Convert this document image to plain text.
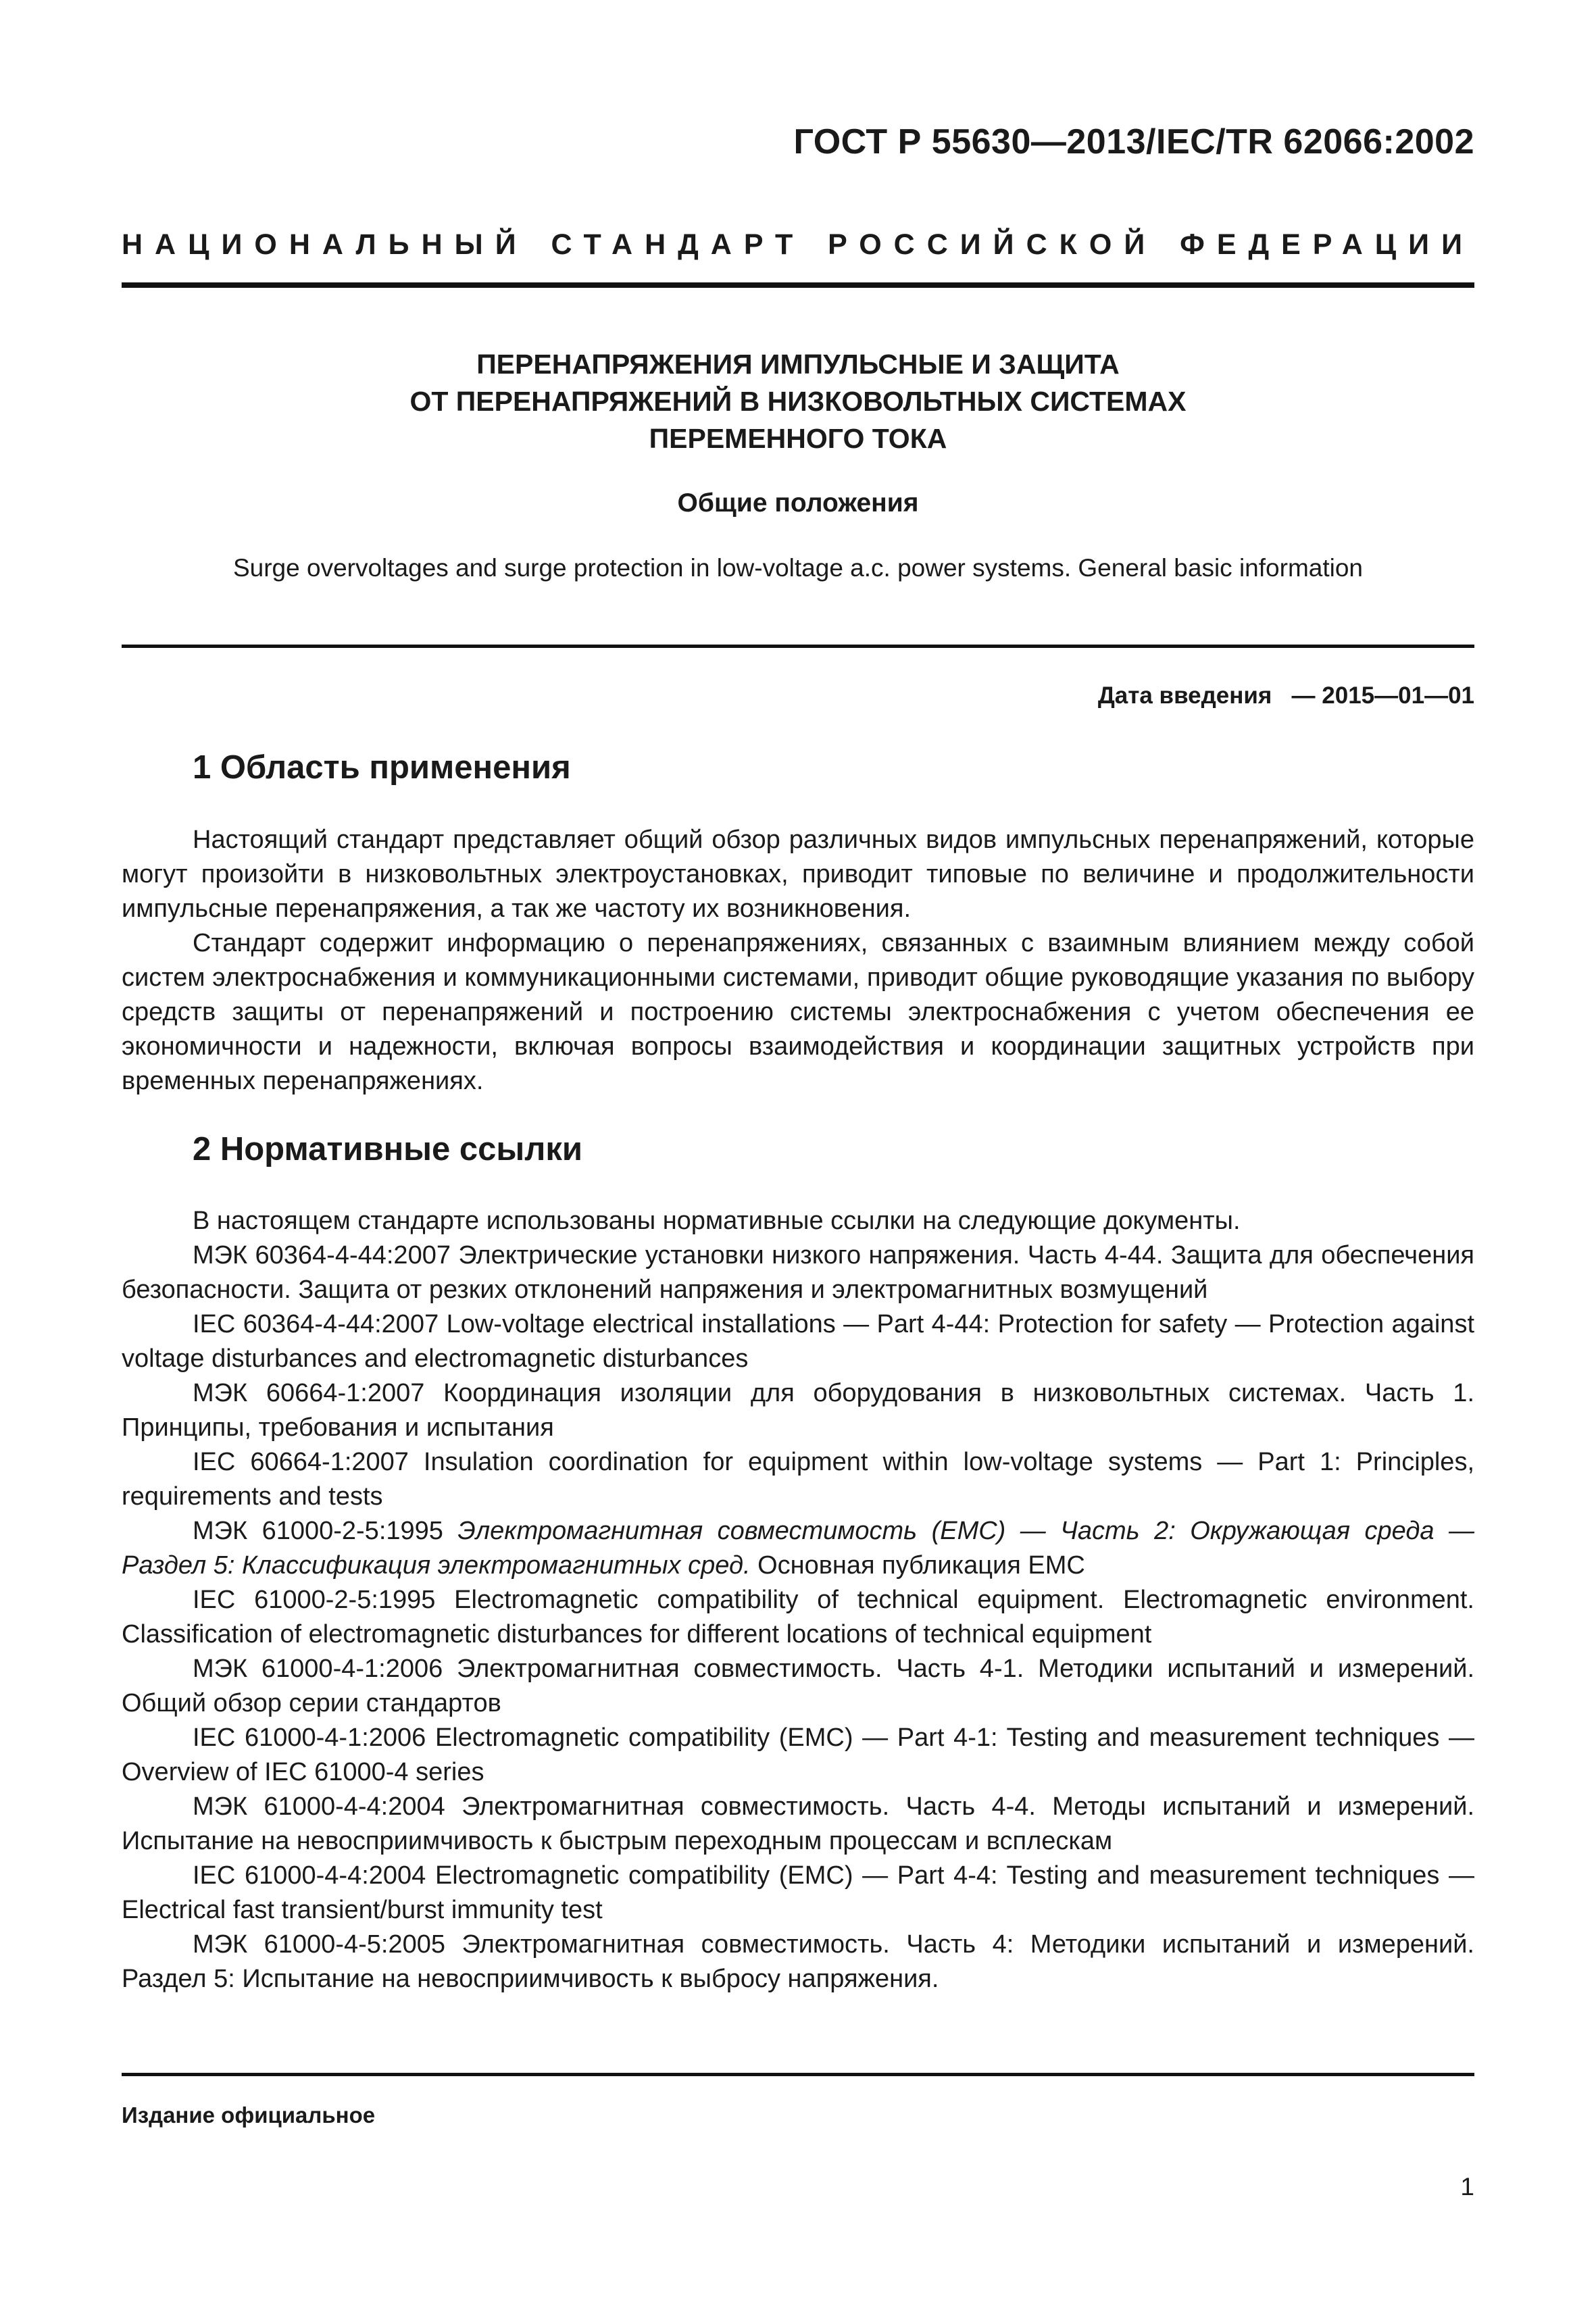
ГОСТ Р 55630—2013/IEC/TR 62066:2002
НАЦИОНАЛЬНЫЙ СТАНДАРТ РОССИЙСКОЙ ФЕДЕРАЦИИ
ПЕРЕНАПРЯЖЕНИЯ ИМПУЛЬСНЫЕ И ЗАЩИТА
ОТ ПЕРЕНАПРЯЖЕНИЙ В НИЗКОВОЛЬТНЫХ СИСТЕМАХ
ПЕРЕМЕННОГО ТОКА
Общие положения
Surge overvoltages and surge protection in low-voltage a.c. power systems. General basic information
Дата введения — 2015—01—01
1 Область применения

Настоящий стандарт представляет общий обзор различных видов импульсных перенапряжений, которые могут произойти в низковольтных электроустановках, приводит типовые по величине и продолжительности импульсные перенапряжения, а так же частоту их возникновения.

Стандарт содержит информацию о перенапряжениях, связанных с взаимным влиянием между собой систем электроснабжения и коммуникационными системами, приводит общие руководящие указания по выбору средств защиты от перенапряжений и построению системы электроснабжения с учетом обеспечения ее экономичности и надежности, включая вопросы взаимодействия и координации защитных устройств при временных перенапряжениях.

2 Нормативные ссылки

В настоящем стандарте использованы нормативные ссылки на следующие документы.

МЭК 60364-4-44:2007 Электрические установки низкого напряжения. Часть 4-44. Защита для обеспечения безопасности. Защита от резких отклонений напряжения и электромагнитных возмущений

IEC 60364-4-44:2007 Low-voltage electrical installations — Part 4-44: Protection for safety — Protection against voltage disturbances and electromagnetic disturbances

МЭК 60664-1:2007 Координация изоляции для оборудования в низковольтных системах. Часть 1. Принципы, требования и испытания

IEC 60664-1:2007 Insulation coordination for equipment within low-voltage systems — Part 1: Principles, requirements and tests

МЭК 61000-2-5:1995 Электромагнитная совместимость (ЕМС) — Часть 2: Окружающая среда — Раздел 5: Классификация электромагнитных сред. Основная публикация ЕМС

IEC 61000-2-5:1995 Electromagnetic compatibility of technical equipment. Electromagnetic environment. Classification of electromagnetic disturbances for different locations of technical equipment

МЭК 61000-4-1:2006 Электромагнитная совместимость. Часть 4-1. Методики испытаний и измерений. Общий обзор серии стандартов

IEC 61000-4-1:2006 Electromagnetic compatibility (EMC) — Part 4-1: Testing and measurement techniques — Overview of IEC 61000-4 series

МЭК 61000-4-4:2004 Электромагнитная совместимость. Часть 4-4. Методы испытаний и измерений. Испытание на невосприимчивость к быстрым переходным процессам и всплескам

IEC 61000-4-4:2004 Electromagnetic compatibility (EMC) — Part 4-4: Testing and measurement techniques — Electrical fast transient/burst immunity test

МЭК 61000-4-5:2005 Электромагнитная совместимость. Часть 4: Методики испытаний и измерений. Раздел 5: Испытание на невосприимчивость к выбросу напряжения.

Издание официальное
1
